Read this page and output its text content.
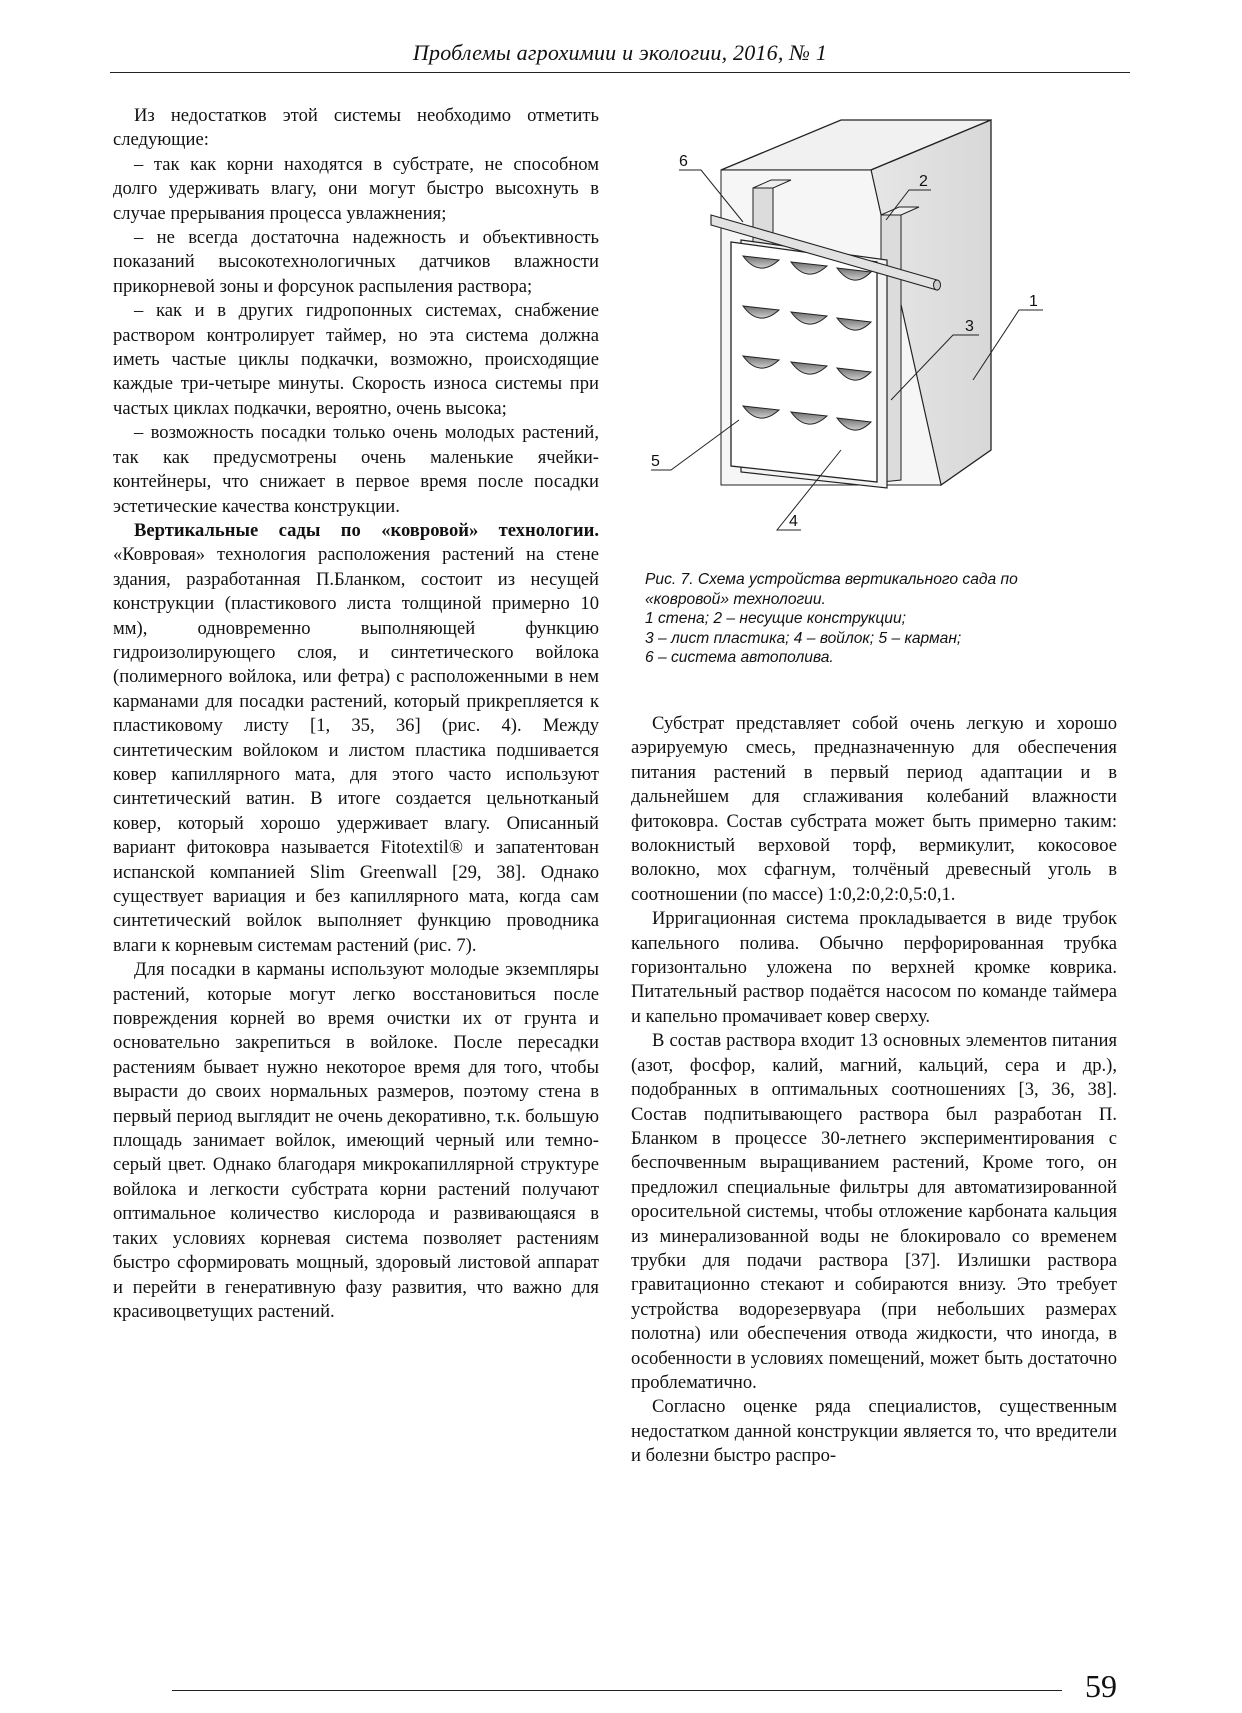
Проблемы агрохимии и экологии, 2016, № 1

Из недостатков этой системы необходимо отметить следующие:

– так как корни находятся в субстрате, не способном долго удерживать влагу, они могут быстро высохнуть в случае прерывания процесса увлажнения;

– не всегда достаточна надежность и объективность показаний высокотехнологичных датчиков влажности прикорневой зоны и форсунок распыления раствора;

– как и в других гидропонных системах, снабжение раствором контролирует таймер, но эта система должна иметь частые циклы подкачки, возможно, происходящие каждые три-четыре минуты. Скорость износа системы при частых циклах подкачки, вероятно, очень высока;

– возможность посадки только очень молодых растений, так как предусмотрены очень маленькие ячейки-контейнеры, что снижает в первое время после посадки эстетические качества конструкции.

Вертикальные сады по «ковровой» технологии. «Ковровая» технология расположения растений на стене здания, разработанная П.Бланком, состоит из несущей конструкции (пластикового листа толщиной примерно 10 мм), одновременно выполняющей функцию гидроизолирующего слоя, и синтетического войлока (полимерного войлока, или фетра) с расположенными в нем карманами для посадки растений, который прикрепляется к пластиковому листу [1, 35, 36] (рис. 4). Между синтетическим войлоком и листом пластика подшивается ковер капиллярного мата, для этого часто используют синтетический ватин. В итоге создается цельнотканый ковер, который хорошо удерживает влагу. Описанный вариант фитоковра называется Fitotextil® и запатентован испанской компанией Slim Greenwall [29, 38]. Однако существует вариация и без капиллярного мата, когда сам синтетический войлок выполняет функцию проводника влаги к корневым системам растений (рис. 7).

Для посадки в карманы используют молодые экземпляры растений, которые могут легко восстановиться после повреждения корней во время очистки их от грунта и основательно закрепиться в войлоке. После пересадки растениям бывает нужно некоторое время для того, чтобы вырасти до своих нормальных размеров, поэтому стена в первый период выглядит не очень декоративно, т.к. большую площадь занимает войлок, имеющий черный или темно-серый цвет. Однако благодаря микрокапиллярной структуре войлока и легкости субстрата корни растений получают оптимальное количество кислорода и развивающаяся в таких условиях корневая система позволяет растениям быстро сформировать мощный, здоровый листовой аппарат и перейти в генеративную фазу развития, что важно для красивоцветущих растений.

6
2
3
1
4
5
Рис. 7. Схема устройства вертикального сада по
«ковровой» технологии.
1 стена; 2 – несущие конструкции;
3 – лист пластика; 4 – войлок; 5 – карман;
6 – система автополива.

Субстрат представляет собой очень легкую и хорошо аэрируемую смесь, предназначенную для обеспечения питания растений в первый период адаптации и в дальнейшем для сглаживания колебаний влажности фитоковра. Состав субстрата может быть примерно таким: волокнистый верховой торф, вермикулит, кокосовое волокно, мох сфагнум, толчёный древесный уголь в соотношении (по массе) 1:0,2:0,2:0,5:0,1.

Ирригационная система прокладывается в виде трубок капельного полива. Обычно перфорированная трубка горизонтально уложена по верхней кромке коврика. Питательный раствор подаётся насосом по команде таймера и капельно промачивает ковер сверху.

В состав раствора входит 13 основных элементов питания (азот, фосфор, калий, магний, кальций, сера и др.), подобранных в оптимальных соотношениях [3, 36, 38]. Состав подпитывающего раствора был разработан П. Бланком в процессе 30-летнего экспериментирования с беспочвенным выращиванием растений, Кроме того, он предложил специальные фильтры для автоматизированной оросительной системы, чтобы отложение карбоната кальция из минерализованной воды не блокировало со временем трубки для подачи раствора [37]. Излишки раствора гравитационно стекают и собираются внизу. Это требует устройства водорезервуара (при небольших размерах полотна) или обеспечения отвода жидкости, что иногда, в особенности в условиях помещений, может быть достаточно проблематично.

Согласно оценке ряда специалистов, существенным недостатком данной конструкции является то, что вредители и болезни быстро распро-

59
